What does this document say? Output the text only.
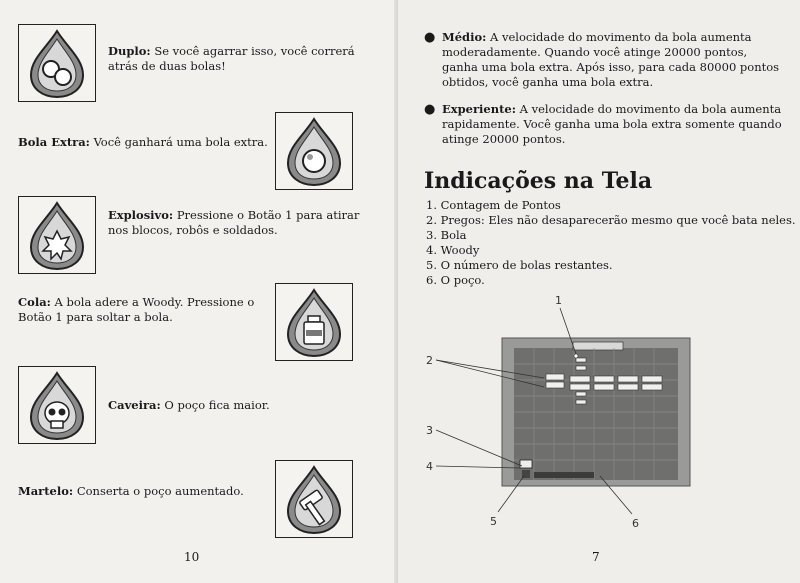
Duplo: Se você agarrar isso, você correrá atrás de duas bolas!
Bola Extra: Você ganhará uma bola extra.
Explosivo: Pressione o Botão 1 para atirar nos blocos, robôs e soldados.
Cola: A bola adere a Woody. Pressione o Botão 1 para soltar a bola.
Caveira: O poço fica maior.
Martelo: Conserta o poço aumentado.
10
● Médio: A velocidade do movimento da bola aumenta moderadamente. Quando você atinge 20000 pontos, ganha uma bola extra. Após isso, para cada 80000 pontos obtidos, você ganha uma bola extra.
● Experiente: A velocidade do movimento da bola aumenta rapidamente. Você ganha uma bola extra somente quando atinge 20000 pontos.
Indicações na Tela
1. Contagem de Pontos
2. Pregos: Eles não desaparecerão mesmo que você bata neles.
3. Bola
4. Woody
5. O número de bolas restantes.
6. O poço.
1
2
3
4
5	6
7
